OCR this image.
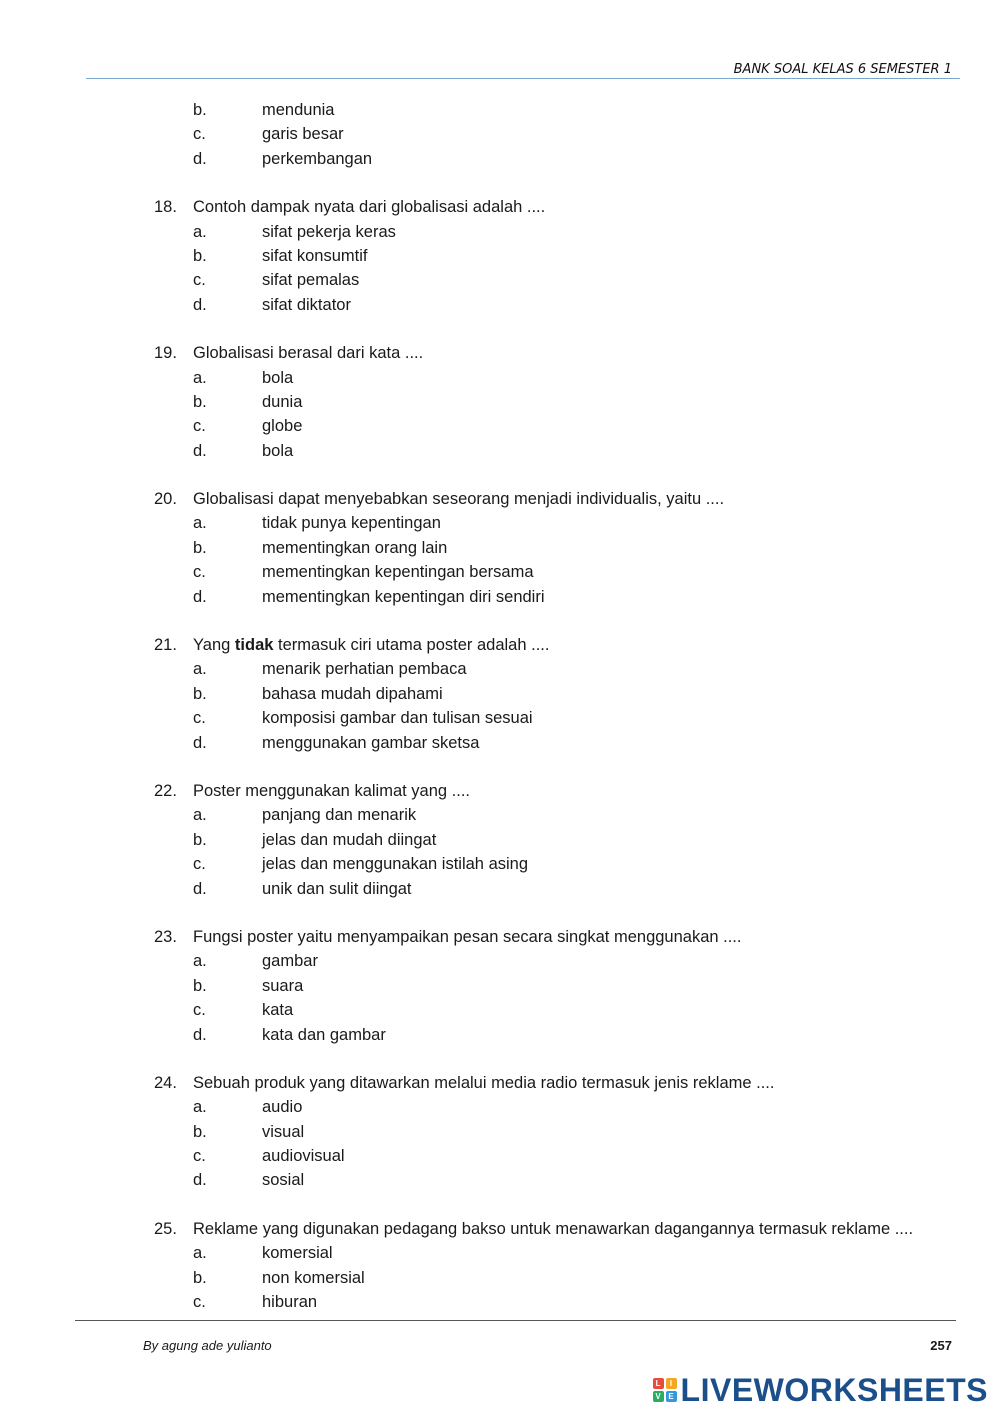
BANK SOAL KELAS 6 SEMESTER 1
b.	mendunia
c.	garis besar
d.	perkembangan
18. Contoh dampak nyata dari globalisasi adalah ....
a.	sifat pekerja keras
b.	sifat konsumtif
c.	sifat pemalas
d.	sifat diktator
19. Globalisasi berasal dari kata ....
a.	bola
b.	dunia
c.	globe
d.	bola
20. Globalisasi dapat menyebabkan seseorang menjadi individualis, yaitu ....
a.	tidak punya kepentingan
b.	mementingkan orang lain
c.	mementingkan kepentingan bersama
d.	mementingkan kepentingan diri sendiri
21. Yang tidak termasuk ciri utama poster adalah ....
a.	menarik perhatian pembaca
b.	bahasa mudah dipahami
c.	komposisi gambar dan tulisan sesuai
d.	menggunakan gambar sketsa
22. Poster menggunakan kalimat yang ....
a.	panjang dan menarik
b.	jelas dan mudah diingat
c.	jelas dan menggunakan istilah asing
d.	unik dan sulit diingat
23. Fungsi poster yaitu menyampaikan pesan secara singkat menggunakan ....
a.	gambar
b.	suara
c.	kata
d.	kata dan gambar
24. Sebuah produk yang ditawarkan melalui media radio termasuk jenis reklame ....
a.	audio
b.	visual
c.	audiovisual
d.	sosial
25. Reklame yang digunakan pedagang bakso untuk menawarkan dagangannya termasuk reklame ....
a.	komersial
b.	non komersial
c.	hiburan
By agung ade yulianto	257
L	I
V E LIVEWORKSHEETS
